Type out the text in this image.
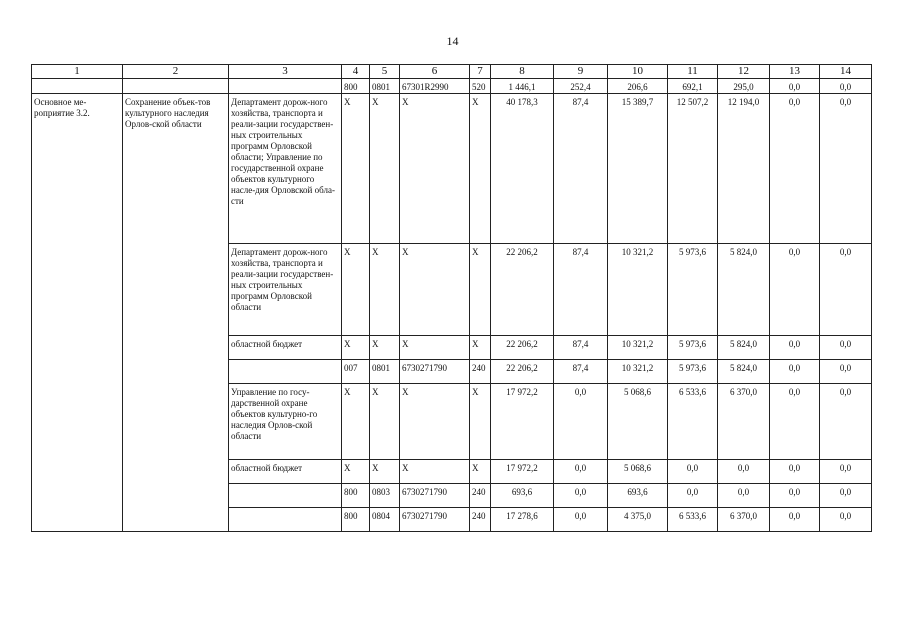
14
1	2	3	4	5	6	7	8	9	10	11	12	13	14
			800	0801	67301R2990	520	1 446,1	252,4	206,6	692,1	295,0	0,0	0,0
Основное ме-роприятие 3.2.	Сохранение объек-тов культурного наследия Орлов-ской области	Департамент дорож-ного хозяйства, транспорта и реали-зации государствен-ных строительных программ Орловской области; Управление по государственной охране объектов культурного насле-дия Орловской обла-сти	X	X	X	X	40 178,3	87,4	15 389,7	12 507,2	12 194,0	0,0	0,0
		Департамент дорож-ного хозяйства, транспорта и реали-зации государствен-ных строительных программ Орловской области	X	X	X	X	22 206,2	87,4	10 321,2	5 973,6	5 824,0	0,0	0,0
		областной бюджет	X	X	X	X	22 206,2	87,4	10 321,2	5 973,6	5 824,0	0,0	0,0
			007	0801	6730271790	240	22 206,2	87,4	10 321,2	5 973,6	5 824,0	0,0	0,0
		Управление по госу-дарственной охране объектов культурно-го наследия Орлов-ской области	X	X	X	X	17 972,2	0,0	5 068,6	6 533,6	6 370,0	0,0	0,0
		областной бюджет	X	X	X	X	17 972,2	0,0	5 068,6	0,0	0,0	0,0	0,0
			800	0803	6730271790	240	693,6	0,0	693,6	0,0	0,0	0,0	0,0
			800	0804	6730271790	240	17 278,6	0,0	4 375,0	6 533,6	6 370,0	0,0	0,0
